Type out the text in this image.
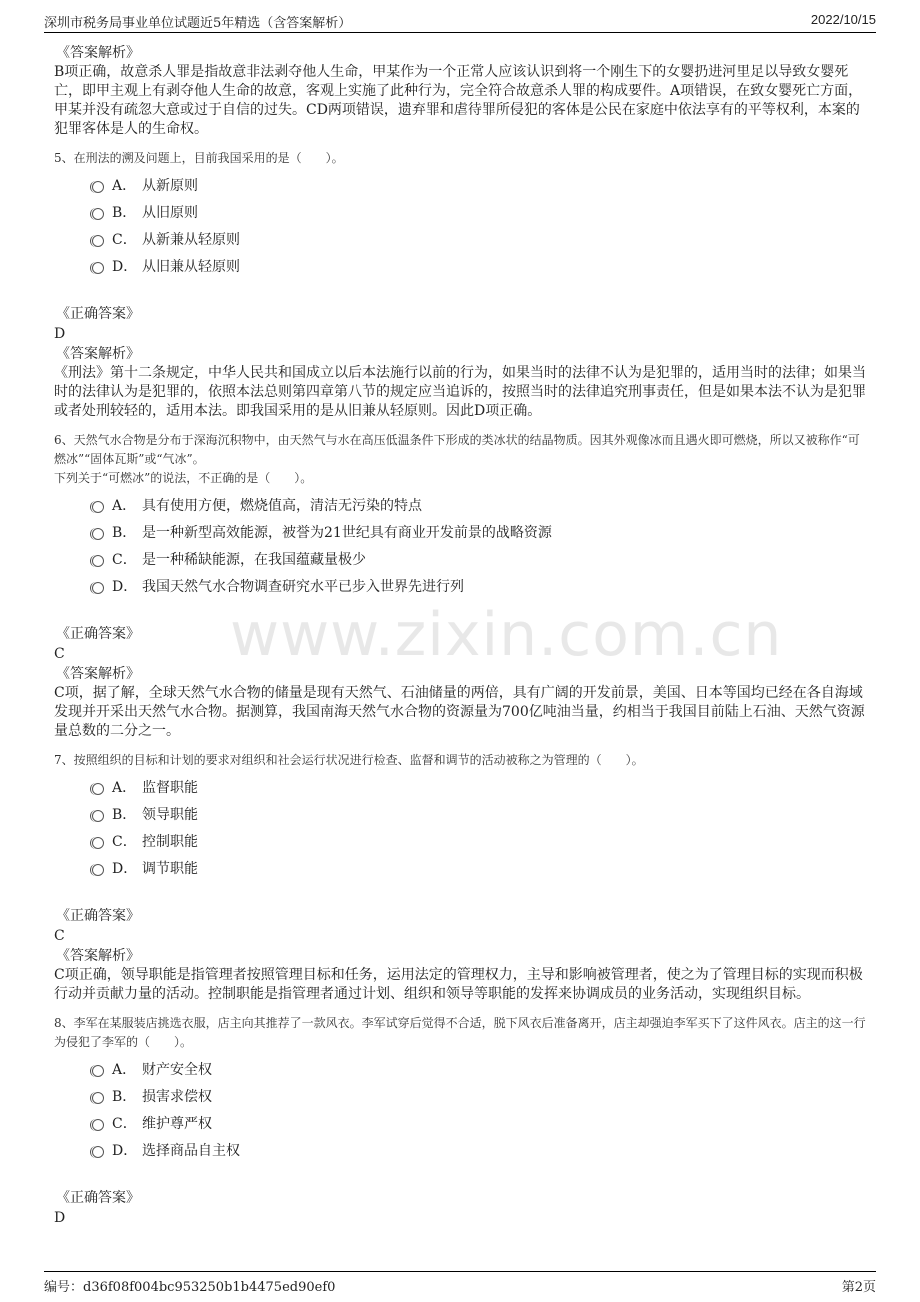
深圳市税务局事业单位试题近5年精选（含答案解析）	2022/10/15
www.zixin.com.cn

《答案解析》

B项正确，故意杀人罪是指故意非法剥夺他人生命，甲某作为一个正常人应该认识到将一个刚生下的女婴扔进河里足以导致女婴死亡，即甲主观上有剥夺他人生命的故意，客观上实施了此种行为，完全符合故意杀人罪的构成要件。A项错误，在致女婴死亡方面，甲某并没有疏忽大意或过于自信的过失。CD两项错误，遗弃罪和虐待罪所侵犯的客体是公民在家庭中依法享有的平等权利，本案的犯罪客体是人的生命权。

5、在刑法的溯及问题上，目前我国采用的是（　　）。

A． 从新原则
B． 从旧原则
C． 从新兼从轻原则
D． 从旧兼从轻原则

《正确答案》

D

《答案解析》

《刑法》第十二条规定，中华人民共和国成立以后本法施行以前的行为，如果当时的法律不认为是犯罪的，适用当时的法律；如果当时的法律认为是犯罪的，依照本法总则第四章第八节的规定应当追诉的，按照当时的法律追究刑事责任，但是如果本法不认为是犯罪或者处刑较轻的，适用本法。即我国采用的是从旧兼从轻原则。因此D项正确。

6、天然气水合物是分布于深海沉积物中，由天然气与水在高压低温条件下形成的类冰状的结晶物质。因其外观像冰而且遇火即可燃烧，所以又被称作“可燃冰”“固体瓦斯”或“气冰”。

下列关于“可燃冰”的说法，不正确的是（　　）。

A． 具有使用方便，燃烧值高，清洁无污染的特点
B． 是一种新型高效能源，被誉为21世纪具有商业开发前景的战略资源
C． 是一种稀缺能源，在我国蕴藏量极少
D． 我国天然气水合物调查研究水平已步入世界先进行列

《正确答案》

C

《答案解析》

C项，据了解，全球天然气水合物的储量是现有天然气、石油储量的两倍，具有广阔的开发前景，美国、日本等国均已经在各自海域发现并开采出天然气水合物。据测算，我国南海天然气水合物的资源量为700亿吨油当量，约相当于我国目前陆上石油、天然气资源量总数的二分之一。

7、按照组织的目标和计划的要求对组织和社会运行状况进行检查、监督和调节的活动被称之为管理的（　　）。

A． 监督职能
B． 领导职能
C． 控制职能
D． 调节职能

《正确答案》

C

《答案解析》

C项正确，领导职能是指管理者按照管理目标和任务，运用法定的管理权力，主导和影响被管理者，使之为了管理目标的实现而积极行动并贡献力量的活动。控制职能是指管理者通过计划、组织和领导等职能的发挥来协调成员的业务活动，实现组织目标。

8、李军在某服装店挑选衣服，店主向其推荐了一款风衣。李军试穿后觉得不合适，脱下风衣后准备离开，店主却强迫李军买下了这件风衣。店主的这一行为侵犯了李军的（　　）。

A． 财产安全权
B． 损害求偿权
C． 维护尊严权
D． 选择商品自主权

《正确答案》

D

编号：d36f08f004bc953250b1b4475ed90ef0	第2页
